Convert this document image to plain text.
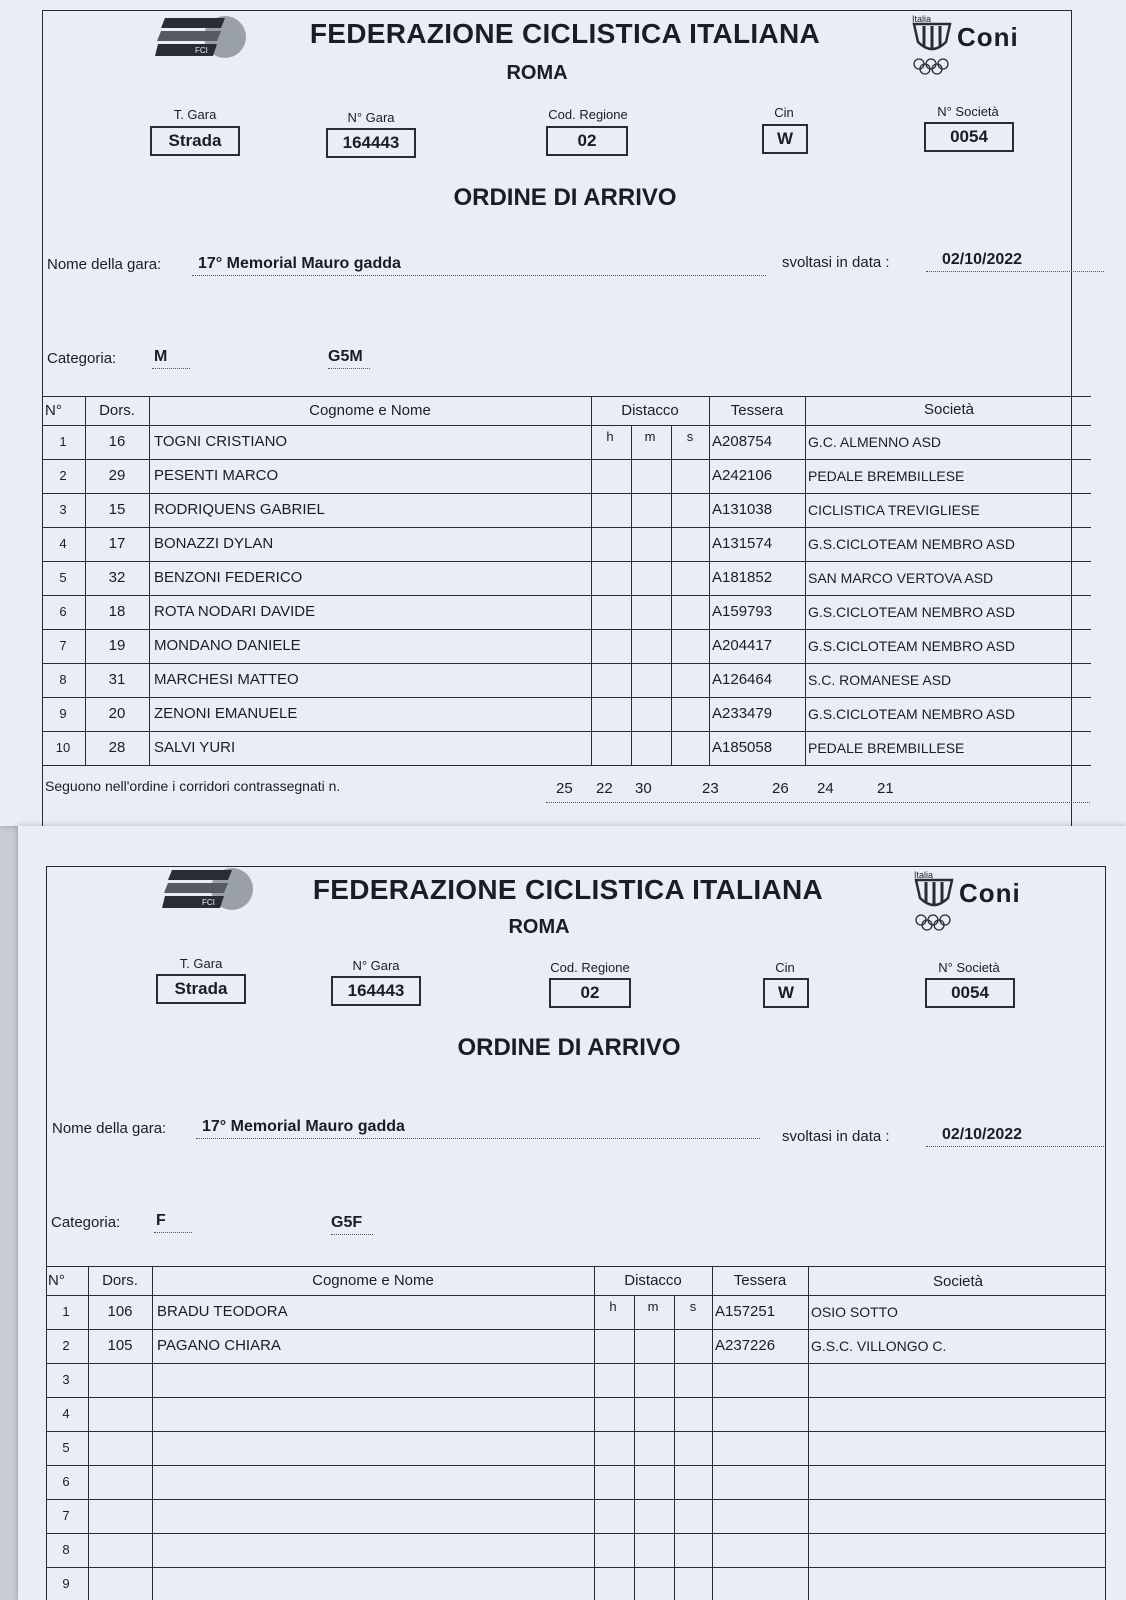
FCI
FEDERAZIONE CICLISTICA ITALIANA
ROMA
Italia
Coni
T. Gara
Strada
N° Gara
164443
Cod. Regione
02
Cin
W
N° Società
0054
ORDINE DI ARRIVO
Nome della gara:	17° Memorial Mauro gadda	svoltasi in data :	02/10/2022
Categoria: M	G5M
N°	Dors.	Cognome e Nome	Distacco	Tessera	Società
1	16	TOGNI CRISTIANO	A208754	G.C. ALMENNO ASD
h	m	s
2	29	PESENTI MARCO	A242106	PEDALE BREMBILLESE
3	15	RODRIQUENS GABRIEL	A131038	CICLISTICA TREVIGLIESE
4	17	BONAZZI DYLAN	A131574	G.S.CICLOTEAM NEMBRO ASD
5	32	BENZONI FEDERICO	A181852	SAN MARCO VERTOVA ASD
6	18	ROTA NODARI DAVIDE	A159793	G.S.CICLOTEAM NEMBRO ASD
7	19	MONDANO DANIELE	A204417	G.S.CICLOTEAM NEMBRO ASD
8	31	MARCHESI MATTEO	A126464	S.C. ROMANESE ASD
9	20	ZENONI EMANUELE	A233479	G.S.CICLOTEAM NEMBRO ASD
10	28	SALVI YURI	A185058	PEDALE BREMBILLESE
Seguono nell'ordine i corridori contrassegnati n.	25 22 30	23	26 24	21
FCI	FEDERAZIONE CICLISTICA ITALIANA
ROMA
Italia
Coni
T. Gara
Strada
N° Gara
164443
Cod. Regione
02
Cin
W
N° Società
0054
ORDINE DI ARRIVO
Nome della gara:	17° Memorial Mauro gadda
svoltasi in data :	02/10/2022
Categoria: F	G5F
N°	Dors.	Cognome e Nome	Distacco	Tessera	Società
1	106	BRADU TEODORA	A157251	OSIO SOTTO
h	m	s
2	105	PAGANO CHIARA	A237226	G.S.C. VILLONGO C.
3
4
5
6
7
8
9
